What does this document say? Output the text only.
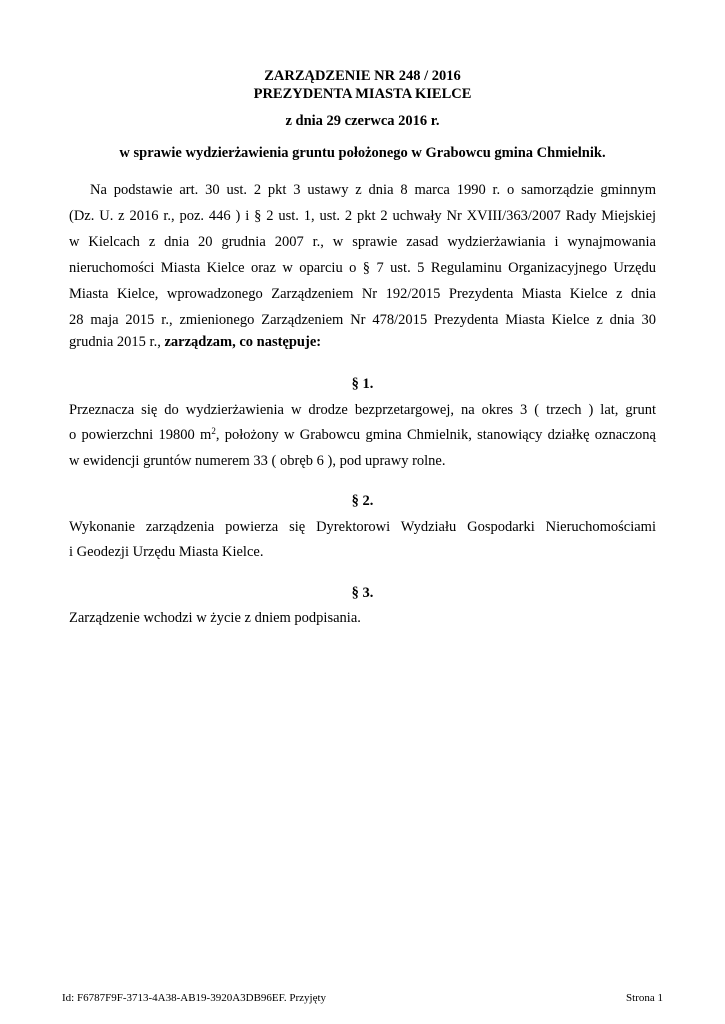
ZARZĄDZENIE NR 248 / 2016
PREZYDENTA MIASTA KIELCE
z dnia 29 czerwca 2016 r.
w sprawie wydzierżawienia gruntu położonego w Grabowcu gmina Chmielnik.
Na podstawie art. 30 ust. 2 pkt 3 ustawy z dnia 8 marca 1990 r. o samorządzie gminnym
(Dz. U. z 2016 r., poz. 446 ) i § 2 ust. 1, ust. 2 pkt 2 uchwały Nr XVIII/363/2007 Rady Miejskiej
w Kielcach z dnia 20 grudnia 2007 r., w sprawie zasad wydzierżawiania i wynajmowania
nieruchomości Miasta Kielce oraz w oparciu o § 7 ust. 5 Regulaminu Organizacyjnego Urzędu
Miasta Kielce, wprowadzonego Zarządzeniem Nr 192/2015 Prezydenta Miasta Kielce z dnia
28 maja 2015 r., zmienionego Zarządzeniem Nr 478/2015 Prezydenta Miasta Kielce z dnia 30
grudnia 2015 r., zarządzam, co następuje:
§ 1.
Przeznacza się do wydzierżawienia w drodze bezprzetargowej, na okres 3 ( trzech ) lat, grunt
o powierzchni 19800 $m^2$, położony w Grabowcu gmina Chmielnik, stanowiący działkę oznaczoną
w ewidencji gruntów numerem 33 ( obręb 6 ), pod uprawy rolne.
§ 2.
Wykonanie zarządzenia powierza się Dyrektorowi Wydziału Gospodarki Nieruchomościami
i Geodezji Urzędu Miasta Kielce.
§ 3.
Zarządzenie wchodzi w życie z dniem podpisania.
Id: F6787F9F-3713-4A38-AB19-3920A3DB96EF. Przyjęty	Strona 1
